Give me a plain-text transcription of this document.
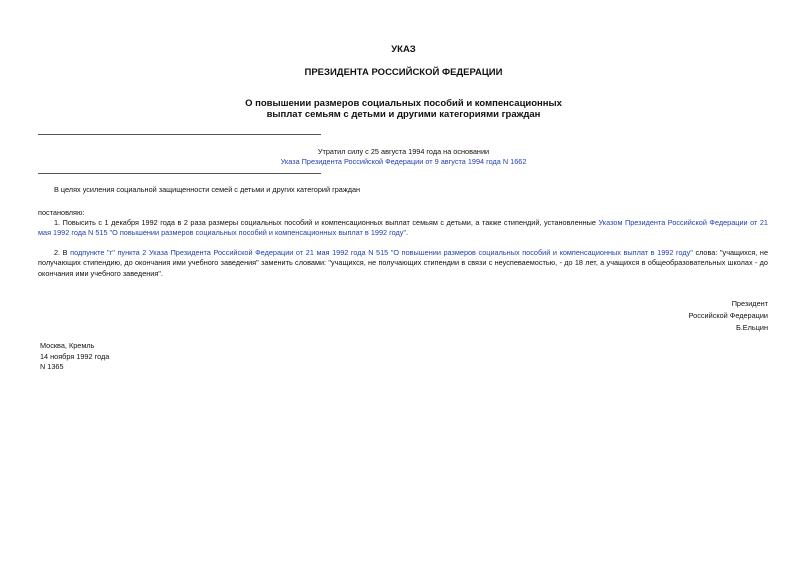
УКАЗ
ПРЕЗИДЕНТА РОССИЙСКОЙ ФЕДЕРАЦИИ
О повышении размеров социальных пособий и компенсационных
выплат семьям с детьми и другими категориями граждан
Утратил силу с 25 августа 1994 года на основании
Указа Президента Российской Федерации от 9 августа 1994 года N 1662
В целях усиления социальной защищенности семей с детьми и других категорий граждан
постановляю:
1. Повысить с 1 декабря 1992 года в 2 раза размеры социальных пособий и компенсационных выплат семьям с детьми, а также стипендий, установленные Указом Президента Российской Федерации от 21 мая 1992 года N 515 "О повышении размеров социальных пособий и компенсационных выплат в 1992 году".
2. В подпункте "г" пункта 2 Указа Президента Российской Федерации от 21 мая 1992 года N 515 "О повышении размеров социальных пособий и компенсационных выплат в 1992 году" слова: "учащихся, не получающих стипендию, до окончания ими учебного заведения" заменить словами: "учащихся, не получающих стипендии в связи с неуспеваемостью, - до 18 лет, а учащихся в общеобразовательных школах - до окончания ими учебного заведения".
Президент
Российской Федерации
Б.Ельцин
Москва, Кремль
14 ноября 1992 года
N 1365
